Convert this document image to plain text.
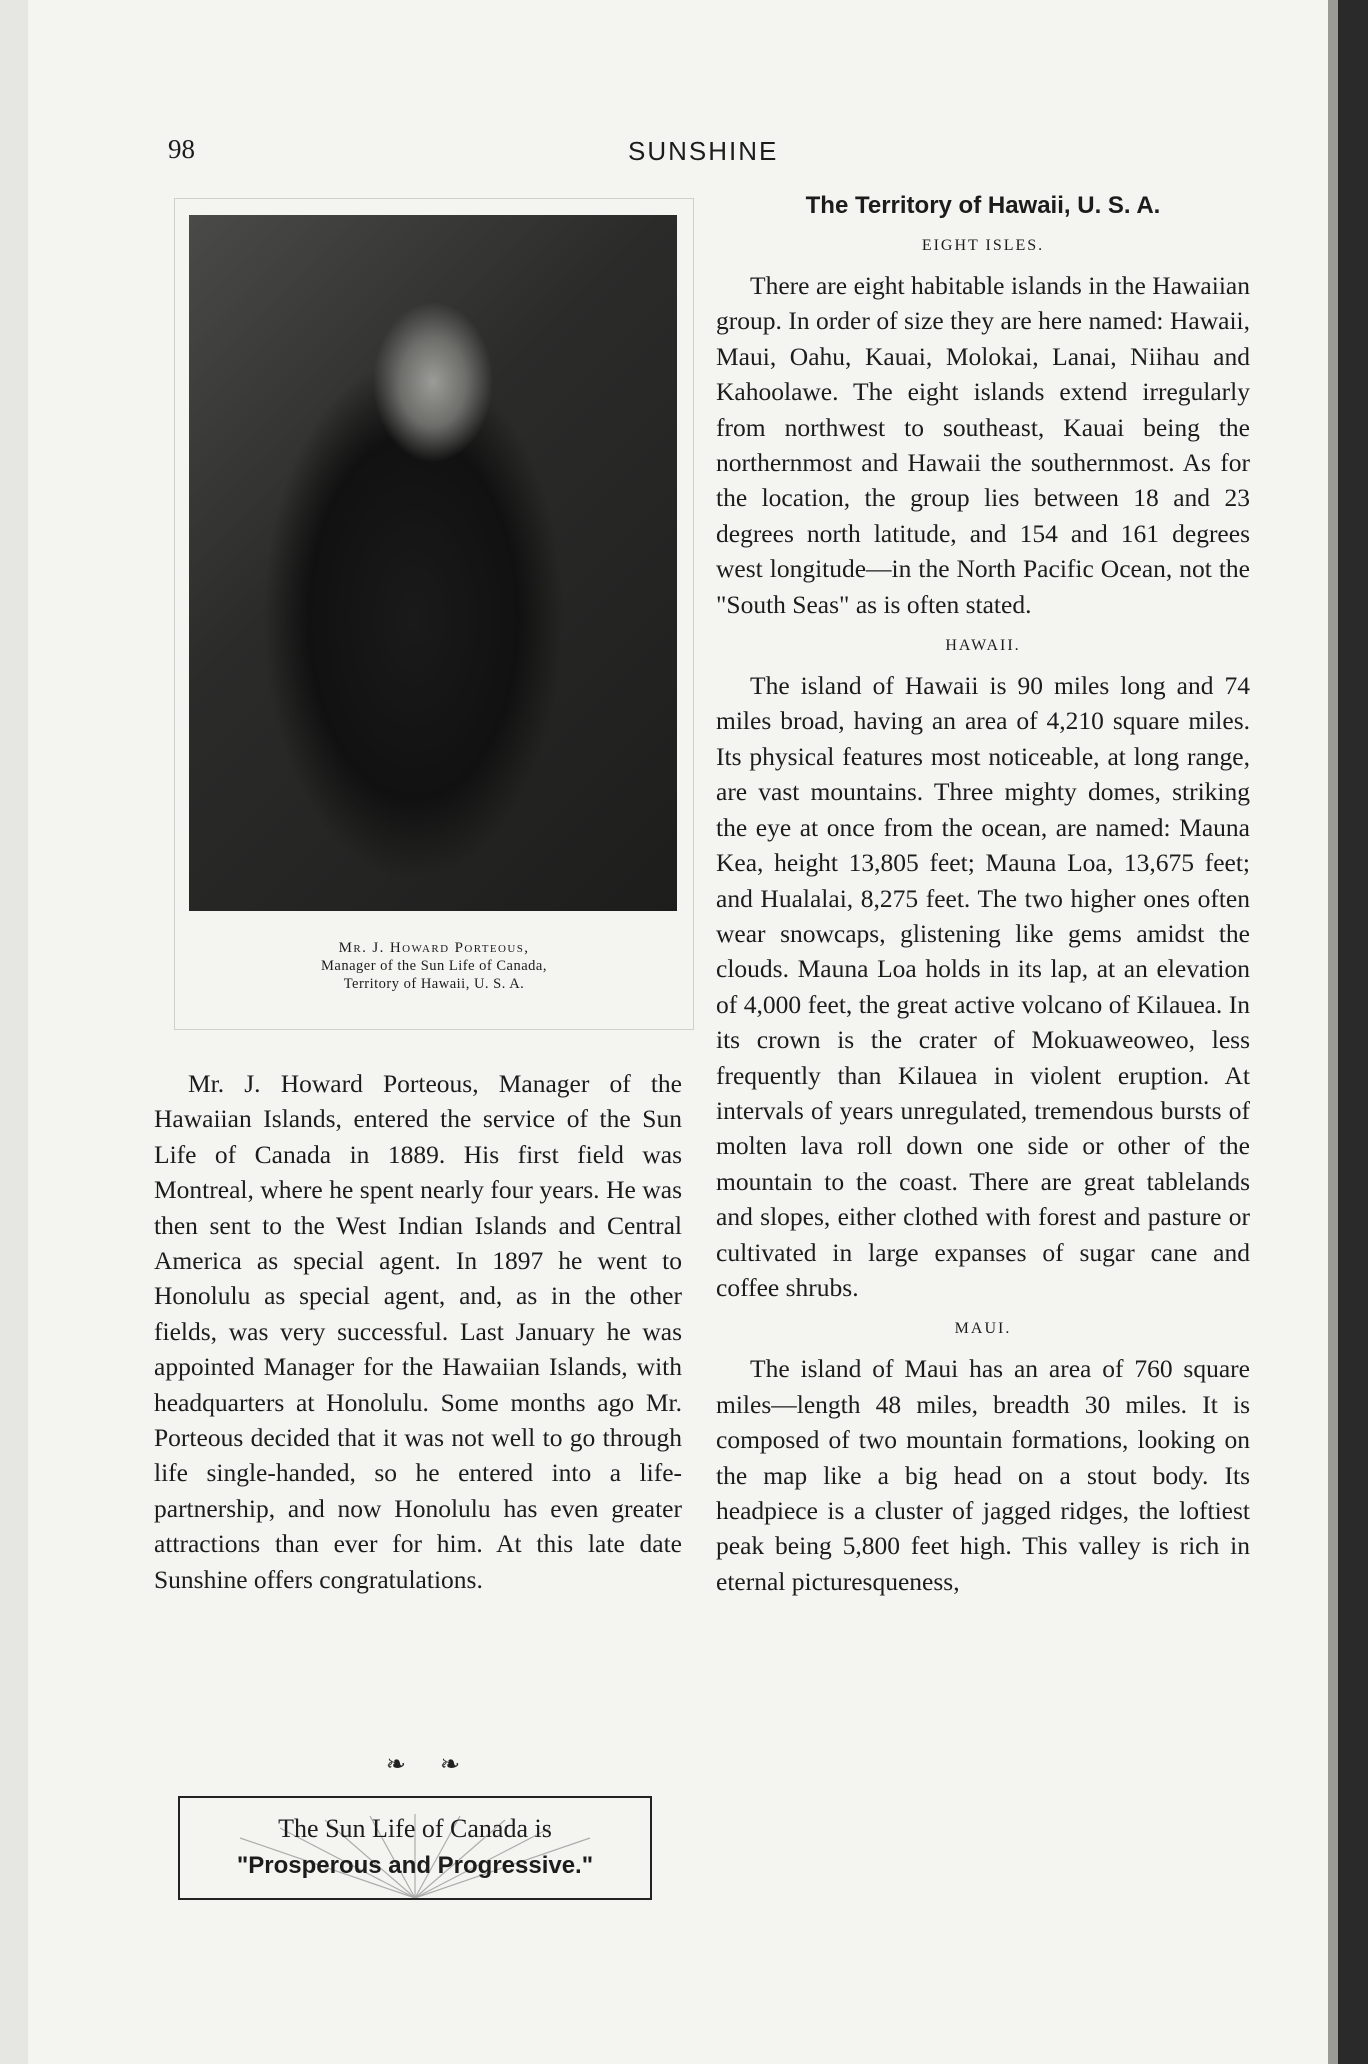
98	SUNSHINE
Mr. J. Howard Porteous,
Manager of the Sun Life of Canada,
Territory of Hawaii, U. S. A.

Mr. J. Howard Porteous, Manager of the Hawaiian Islands, entered the service of the Sun Life of Canada in 1889. His first field was Montreal, where he spent nearly four years. He was then sent to the West Indian Islands and Central America as special agent. In 1897 he went to Honolulu as special agent, and, as in the other fields, was very successful. Last January he was appointed Manager for the Hawaiian Islands, with headquarters at Honolulu. Some months ago Mr. Porteous decided that it was not well to go through life single-handed, so he entered into a life-partnership, and now Honolulu has even greater attractions than ever for him. At this late date Sunshine offers congratulations.

❧ ❧
The Sun Life of Canada is
"Prosperous and Progressive."
The Territory of Hawaii, U. S. A.
EIGHT ISLES.

There are eight habitable islands in the Hawaiian group. In order of size they are here named: Hawaii, Maui, Oahu, Kauai, Molokai, Lanai, Niihau and Kahoolawe. The eight islands extend irregularly from northwest to southeast, Kauai being the northernmost and Hawaii the southernmost. As for the location, the group lies between 18 and 23 degrees north latitude, and 154 and 161 degrees west longitude—in the North Pacific Ocean, not the "South Seas" as is often stated.

HAWAII.

The island of Hawaii is 90 miles long and 74 miles broad, having an area of 4,210 square miles. Its physical features most noticeable, at long range, are vast mountains. Three mighty domes, striking the eye at once from the ocean, are named: Mauna Kea, height 13,805 feet; Mauna Loa, 13,675 feet; and Hualalai, 8,275 feet. The two higher ones often wear snowcaps, glistening like gems amidst the clouds. Mauna Loa holds in its lap, at an elevation of 4,000 feet, the great active volcano of Kilauea. In its crown is the crater of Mokuaweoweo, less frequently than Kilauea in violent eruption. At intervals of years unregulated, tremendous bursts of molten lava roll down one side or other of the mountain to the coast. There are great tablelands and slopes, either clothed with forest and pasture or cultivated in large expanses of sugar cane and coffee shrubs.

MAUI.

The island of Maui has an area of 760 square miles—length 48 miles, breadth 30 miles. It is composed of two mountain formations, looking on the map like a big head on a stout body. Its headpiece is a cluster of jagged ridges, the loftiest peak being 5,800 feet high. This valley is rich in eternal picturesqueness,
